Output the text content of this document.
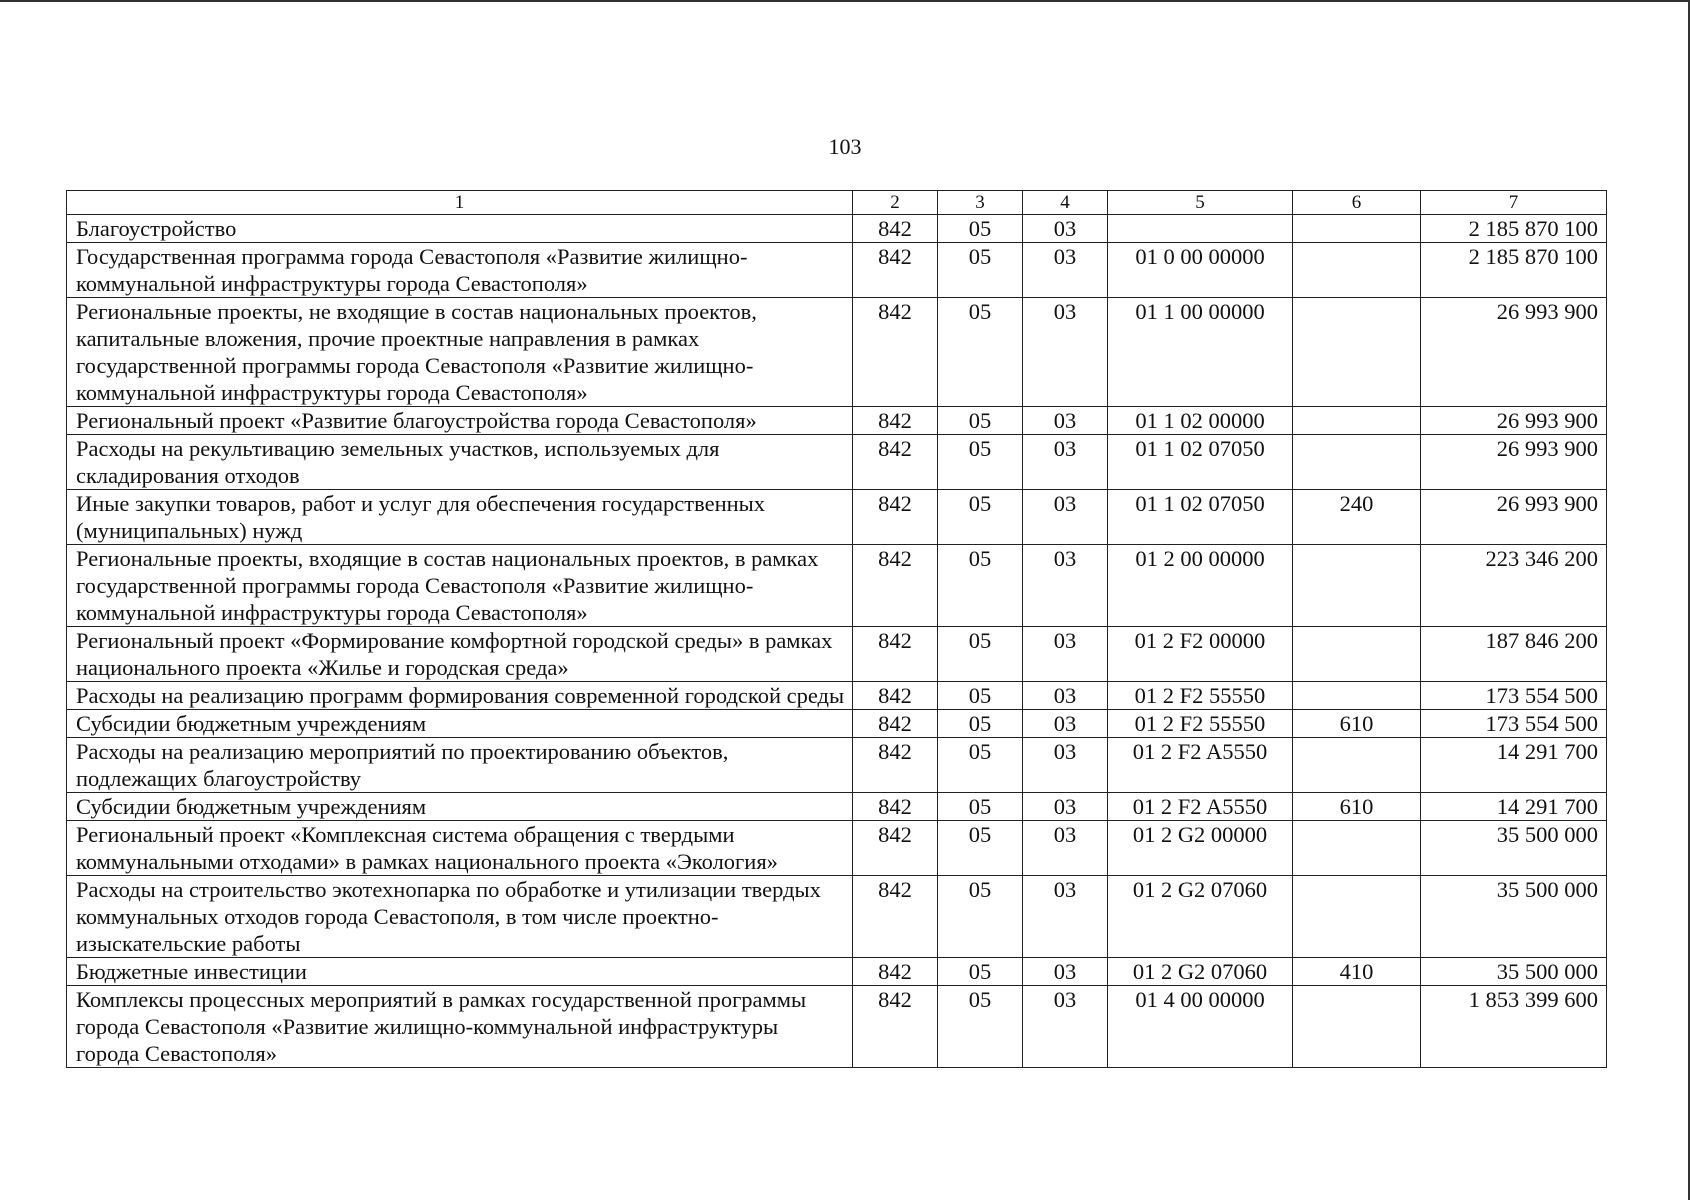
103
1	2	3	4	5	6	7
Благоустройство	842	05	03			2 185 870 100
Государственная программа города Севастополя «Развитие жилищно-коммунальной инфраструктуры города Севастополя»	842	05	03	01 0 00 00000		2 185 870 100
Региональные проекты, не входящие в состав национальных проектов, капитальные вложения, прочие проектные направления в рамках государственной программы города Севастополя «Развитие жилищно-коммунальной инфраструктуры города Севастополя»	842	05	03	01 1 00 00000		26 993 900
Региональный проект «Развитие благоустройства города Севастополя»	842	05	03	01 1 02 00000		26 993 900
Расходы на рекультивацию земельных участков, используемых для складирования отходов	842	05	03	01 1 02 07050		26 993 900
Иные закупки товаров, работ и услуг для обеспечения государственных (муниципальных) нужд	842	05	03	01 1 02 07050	240	26 993 900
Региональные проекты, входящие в состав национальных проектов, в рамках государственной программы города Севастополя «Развитие жилищно-коммунальной инфраструктуры города Севастополя»	842	05	03	01 2 00 00000		223 346 200
Региональный проект «Формирование комфортной городской среды» в рамках национального проекта «Жилье и городская среда»	842	05	03	01 2 F2 00000		187 846 200
Расходы на реализацию программ формирования современной городской среды	842	05	03	01 2 F2 55550		173 554 500
Субсидии бюджетным учреждениям	842	05	03	01 2 F2 55550	610	173 554 500
Расходы на реализацию мероприятий по проектированию объектов, подлежащих благоустройству	842	05	03	01 2 F2 A5550		14 291 700
Субсидии бюджетным учреждениям	842	05	03	01 2 F2 A5550	610	14 291 700
Региональный проект «Комплексная система обращения с твердыми коммунальными отходами» в рамках национального проекта «Экология»	842	05	03	01 2 G2 00000		35 500 000
Расходы на строительство экотехнопарка по обработке и утилизации твердых коммунальных отходов города Севастополя, в том числе проектно-изыскательские работы	842	05	03	01 2 G2 07060		35 500 000
Бюджетные инвестиции	842	05	03	01 2 G2 07060	410	35 500 000
Комплексы процессных мероприятий в рамках государственной программы города Севастополя «Развитие жилищно-коммунальной инфраструктуры города Севастополя»	842	05	03	01 4 00 00000		1 853 399 600
